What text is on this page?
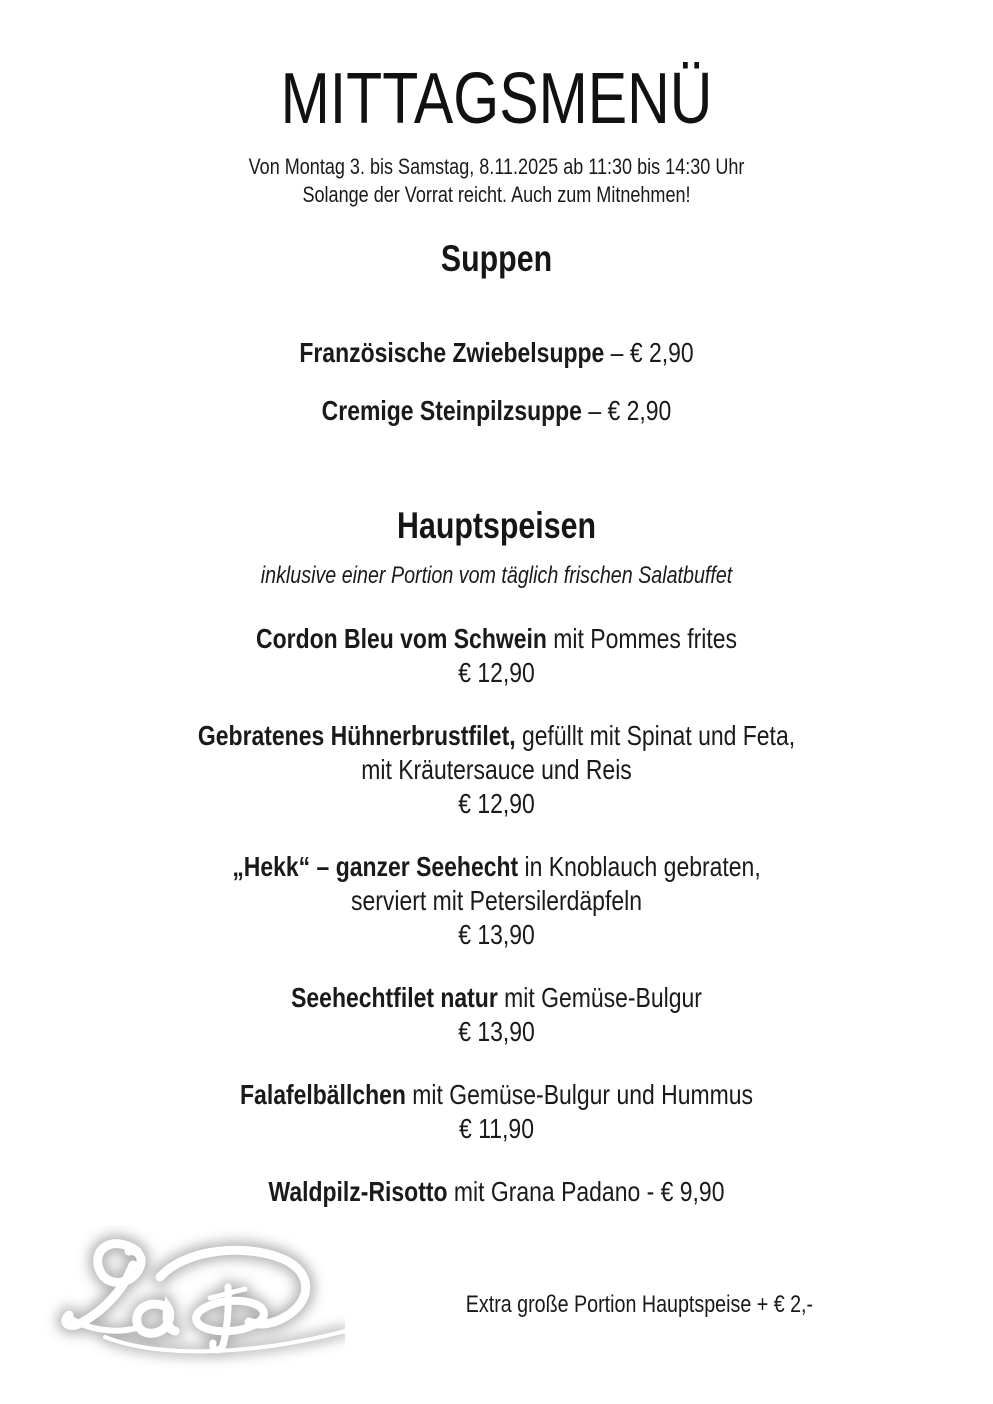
MITTAGSMENÜ

Von Montag 3. bis Samstag, 8.11.2025 ab 11:30 bis 14:30 Uhr
Solange der Vorrat reicht. Auch zum Mitnehmen!

Suppen

Französische Zwiebelsuppe – € 2,90

Cremige Steinpilzsuppe – € 2,90

Hauptspeisen

inklusive einer Portion vom täglich frischen Salatbuffet

Cordon Bleu vom Schwein mit Pommes frites

€ 12,90

Gebratenes Hühnerbrustfilet, gefüllt mit Spinat und Feta,

mit Kräutersauce und Reis

€ 12,90

„Hekk“ – ganzer Seehecht in Knoblauch gebraten,

serviert mit Petersilerdäpfeln

€ 13,90

Seehechtfilet natur mit Gemüse-Bulgur

€ 13,90

Falafelbällchen mit Gemüse-Bulgur und Hummus

€ 11,90

Waldpilz-Risotto mit Grana Padano - € 9,90

Extra große Portion Hauptspeise + € 2,-
